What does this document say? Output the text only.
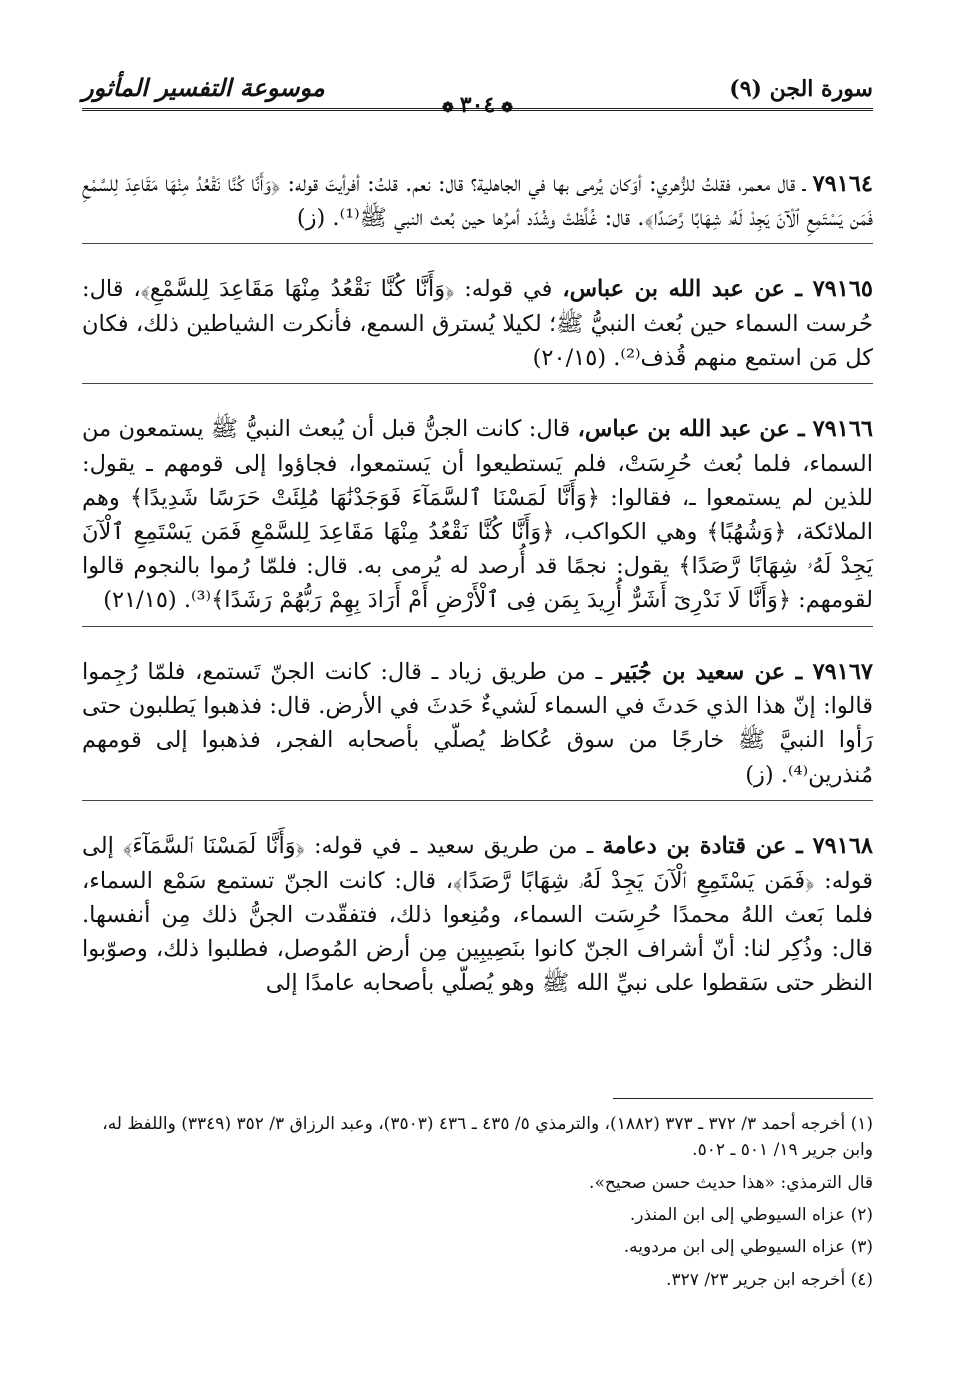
سورة الجن (٩)
موسوعة التفسير المأثور
❁٣٠٤❁

٧٩١٦٤ ـ قال معمر، فقلتُ للزُّهري: أوَكان يُرمى بها في الجاهلية؟ قال: نعم. قلتُ: أفرأيتَ قوله: ﴿وَأَنَّا كُنَّا نَقْعُدُ مِنْهَا مَقَاعِدَ لِلسَّمْعِ فَمَن يَسْتَمِعِ ٱلْآنَ يَجِدْ لَهُۥ شِهَابًا رَّصَدًا﴾. قال: غُلِّظتْ وشُدّد أمرُها حين بُعث النبي ﷺ⁽¹⁾. (ز)

٧٩١٦٥ ـ عن عبد الله بن عباس، في قوله: ﴿وَأَنَّا كُنَّا نَقْعُدُ مِنْهَا مَقَاعِدَ لِلسَّمْعِ﴾، قال: حُرست السماء حين بُعث النبيُّ ﷺ؛ لكيلا يُسترق السمع، فأنكرت الشياطين ذلك، فكان كل مَن استمع منهم قُذف⁽²⁾. (٢٠/١٥)

٧٩١٦٦ ـ عن عبد الله بن عباس، قال: كانت الجنُّ قبل أن يُبعث النبيُّ ﷺ يستمعون من السماء، فلما بُعث حُرِسَتْ، فلم يَستطيعوا أن يَستمعوا، فجاؤوا إلى قومهم ـ يقول: للذين لم يستمعوا ـ، فقالوا: ﴿وَأَنَّا لَمَسْنَا ٱلسَّمَآءَ فَوَجَدْنَٰهَا مُلِئَتْ حَرَسًا شَدِيدًا﴾ وهم الملائكة، ﴿وَشُهُبًا﴾ وهي الكواكب، ﴿وَأَنَّا كُنَّا نَقْعُدُ مِنْهَا مَقَاعِدَ لِلسَّمْعِ فَمَن يَسْتَمِعِ ٱلْآنَ يَجِدْ لَهُۥ شِهَابًا رَّصَدًا﴾ يقول: نجمًا قد أُرصد له يُرمى به. قال: فلمّا رُموا بالنجوم قالوا لقومهم: ﴿وَأَنَّا لَا نَدْرِىٓ أَشَرٌّ أُرِيدَ بِمَن فِى ٱلْأَرْضِ أَمْ أَرَادَ بِهِمْ رَبُّهُمْ رَشَدًا﴾⁽³⁾. (٢١/١٥)

٧٩١٦٧ ـ عن سعيد بن جُبَير ـ من طريق زياد ـ قال: كانت الجنّ تَستمع، فلمّا رُجِموا قالوا: إنّ هذا الذي حَدثَ في السماء لَشيءٌ حَدثَ في الأرض. قال: فذهبوا يَطلبون حتى رَأوا النبيَّ ﷺ خارجًا من سوق عُكاظ يُصلّي بأصحابه الفجر، فذهبوا إلى قومهم مُنذرين⁽⁴⁾. (ز)

٧٩١٦٨ ـ عن قتادة بن دعامة ـ من طريق سعيد ـ في قوله: ﴿وَأَنَّا لَمَسْنَا ٱلسَّمَآءَ﴾ إلى قوله: ﴿فَمَن يَسْتَمِعِ ٱلْآنَ يَجِدْ لَهُۥ شِهَابًا رَّصَدًا﴾، قال: كانت الجنّ تستمع سَمْع السماء، فلما بَعث اللهُ محمدًا حُرِسَت السماء، ومُنِعوا ذلك، فتفقّدت الجنُّ ذلك مِن أنفسها. قال: وذُكِر لنا: أنّ أشراف الجنّ كانوا بنَصِيبِين مِن أرض المُوصل، فطلبوا ذلك، وصوّبوا النظر حتى سَقطوا على نبيِّ الله ﷺ وهو يُصلّي بأصحابه عامدًا إلى

(١) أخرجه أحمد ٣/ ٣٧٢ ـ ٣٧٣ (١٨٨٢)، والترمذي ٥/ ٤٣٥ ـ ٤٣٦ (٣٥٠٣)، وعبد الرزاق ٣/ ٣٥٢ (٣٣٤٩) واللفظ له، وابن جرير ١٩/ ٥٠١ ـ ٥٠٢.

قال الترمذي: «هذا حديث حسن صحيح».

(٢) عزاه السيوطي إلى ابن المنذر.

(٣) عزاه السيوطي إلى ابن مردويه.

(٤) أخرجه ابن جرير ٢٣/ ٣٢٧.
